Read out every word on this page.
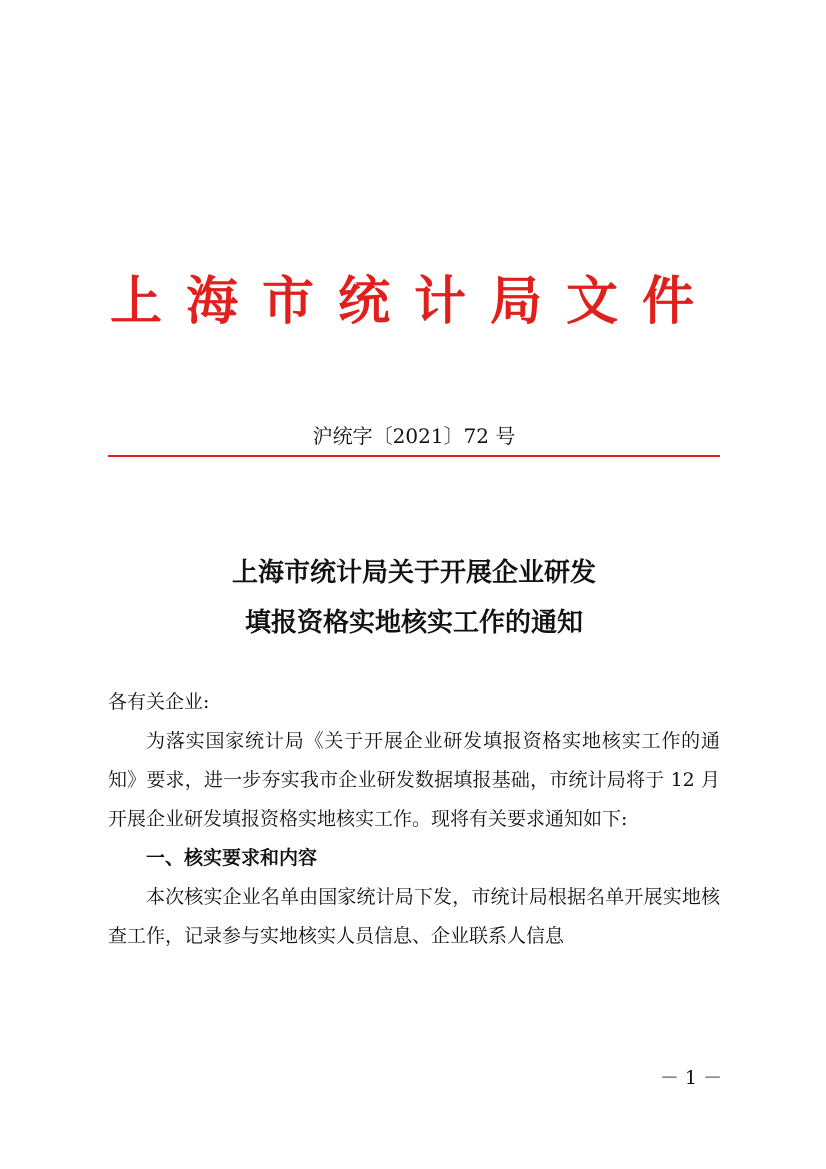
上海市统计局文件
沪统字〔2021〕72 号
上海市统计局关于开展企业研发
填报资格实地核实工作的通知

各有关企业:

为落实国家统计局《关于开展企业研发填报资格实地核实工作的通知》要求，进一步夯实我市企业研发数据填报基础，市统计局将于 12 月开展企业研发填报资格实地核实工作。现将有关要求通知如下:

一、核实要求和内容

本次核实企业名单由国家统计局下发，市统计局根据名单开展实地核查工作，记录参与实地核实人员信息、企业联系人信息

－ 1 －
